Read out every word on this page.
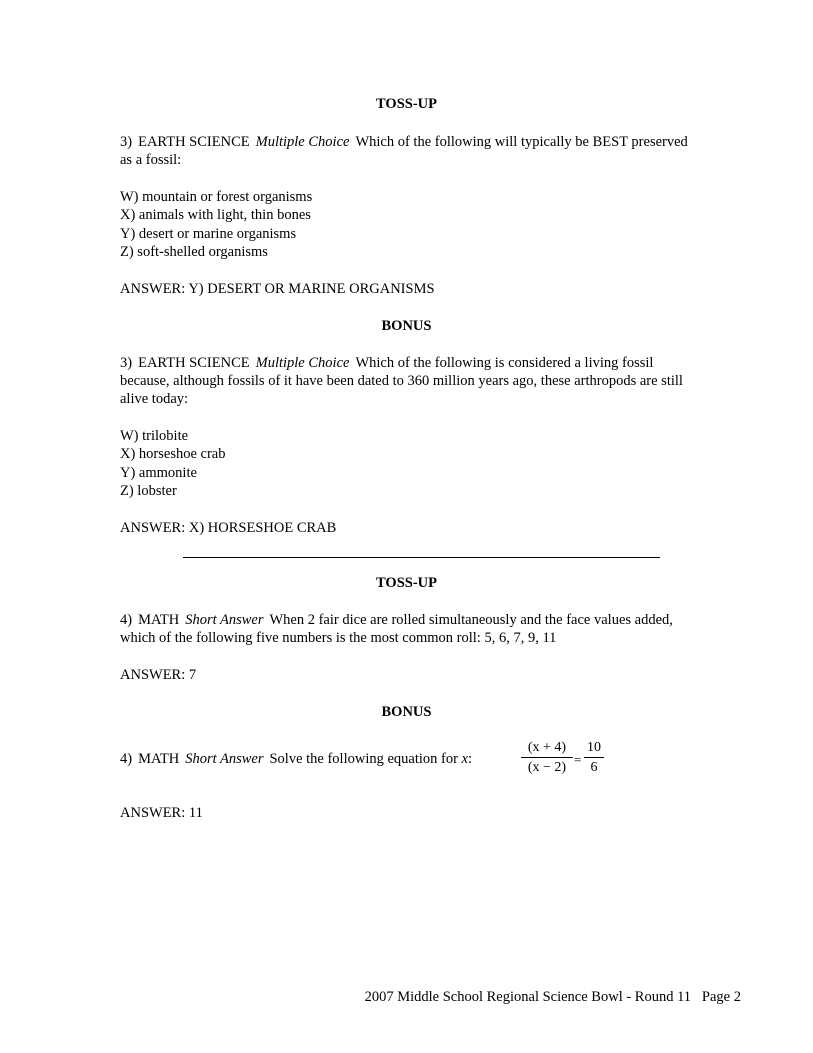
TOSS-UP
3) EARTH SCIENCE Multiple Choice Which of the following will typically be BEST preserved
as a fossil:
W) mountain or forest organisms
X) animals with light, thin bones
Y) desert or marine organisms
Z) soft-shelled organisms
ANSWER: Y) DESERT OR MARINE ORGANISMS
BONUS
3) EARTH SCIENCE Multiple Choice Which of the following is considered a living fossil
because, although fossils of it have been dated to 360 million years ago, these arthropods are still
alive today:
W) trilobite
X) horseshoe crab
Y) ammonite
Z) lobster
ANSWER: X) HORSESHOE CRAB
TOSS-UP
4) MATH Short Answer When 2 fair dice are rolled simultaneously and the face values added,
which of the following five numbers is the most common roll: 5, 6, 7, 9, 11
ANSWER: 7
BONUS
4) MATH Short Answer Solve the following equation for x:
(x + 4)
(x − 2)
=
10
6
ANSWER: 11
2007 Middle School Regional Science Bowl - Round 11   Page 2
